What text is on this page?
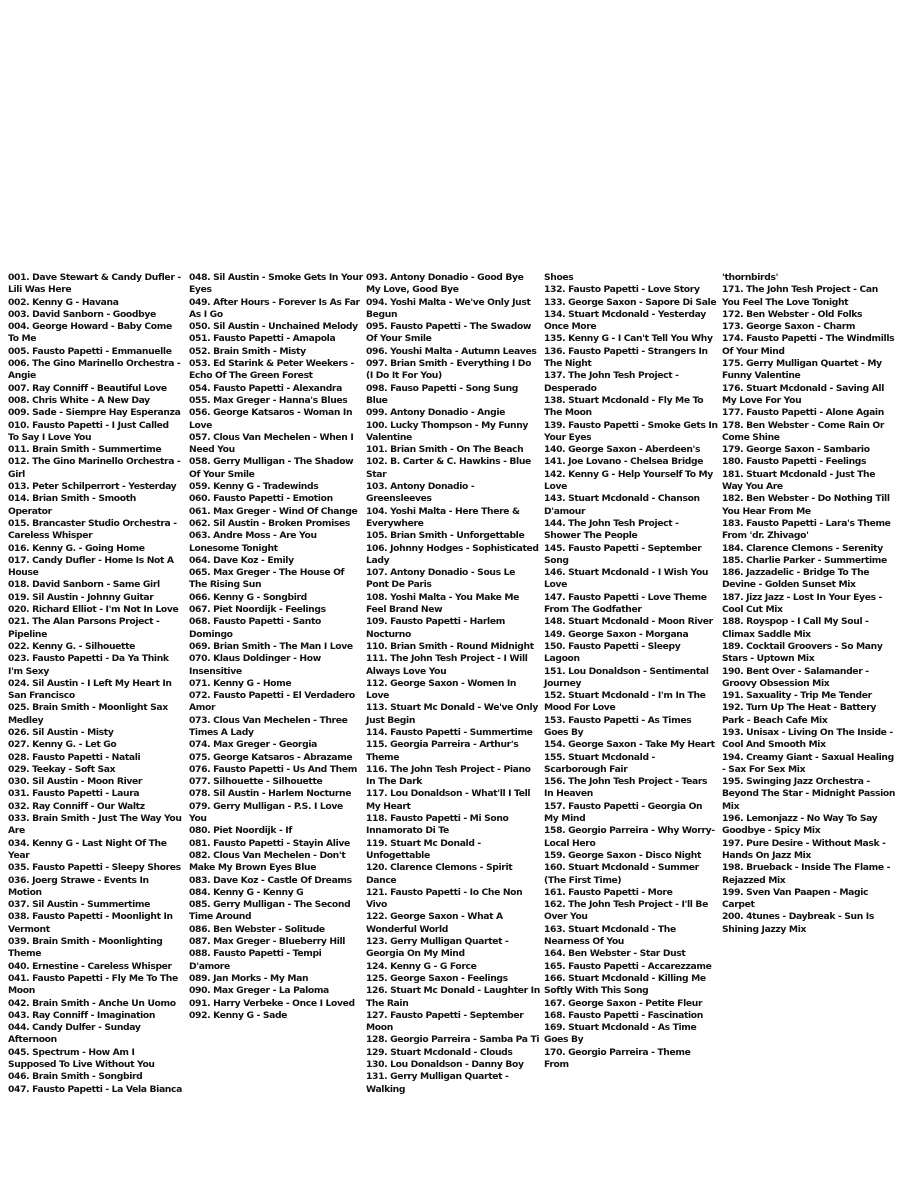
001. Dave Stewart & Candy Dufler - Lili Was Here
002. Kenny G - Havana
003. David Sanborn - Goodbye
004. George Howard - Baby Come To Me
005. Fausto Papetti - Emmanuelle
006. The Gino Marinello Orchestra - Angie
007. Ray Conniff - Beautiful Love
008. Chris White - A New Day
009. Sade - Siempre Hay Esperanza
010. Fausto Papetti - I Just Called To Say I Love You
011. Brain Smith - Summertime
012. The Gino Marinello Orchestra - Girl
013. Peter Schilperrort - Yesterday
014. Brian Smith - Smooth Operator
015. Brancaster Studio Orchestra - Careless Whisper
016. Kenny G. - Going Home
017. Candy Dufler - Home Is Not A House
018. David Sanborn - Same Girl
019. Sil Austin - Johnny Guitar
020. Richard Elliot - I'm Not In Love
021. The Alan Parsons Project - Pipeline
022. Kenny G. - Silhouette
023. Fausto Papetti - Da Ya Think I'm Sexy
024. Sil Austin - I Left My Heart In San Francisco
025. Brain Smith - Moonlight Sax Medley
026. Sil Austin - Misty
027. Kenny G. - Let Go
028. Fausto Papetti - Natali
029. Teekay - Soft Sax
030. Sil Austin - Moon River
031. Fausto Papetti - Laura
032. Ray Conniff - Our Waltz
033. Brain Smith - Just The Way You Are
034. Kenny G - Last Night Of The Year
035. Fausto Papetti - Sleepy Shores
036. Joerg Strawe - Events In Motion
037. Sil Austin - Summertime
038. Fausto Papetti - Moonlight In Vermont
039. Brain Smith - Moonlighting Theme
040. Ernestine - Careless Whisper
041. Fausto Papetti - Fly Me To The Moon
042. Brain Smith - Anche Un Uomo
043. Ray Conniff - Imagination
044. Candy Dulfer - Sunday Afternoon
045. Spectrum - How Am I Supposed To Live Without You
046. Brain Smith - Songbird
047. Fausto Papetti - La Vela Bianca
048. Sil Austin - Smoke Gets In Your Eyes
049. After Hours - Forever Is As Far As I Go
050. Sil Austin - Unchained Melody
051. Fausto Papetti - Amapola
052. Brain Smith - Misty
053. Ed Starink & Peter Weekers - Echo Of The Green Forest
054. Fausto Papetti - Alexandra
055. Max Greger - Hanna's Blues
056. George Katsaros - Woman In Love
057. Clous Van Mechelen - When I Need You
058. Gerry Mulligan - The Shadow Of Your Smile
059. Kenny G - Tradewinds
060. Fausto Papetti - Emotion
061. Max Greger - Wind Of Change
062. Sil Austin - Broken Promises
063. Andre Moss - Are You Lonesome Tonight
064. Dave Koz - Emily
065. Max Greger - The House Of The Rising Sun
066. Kenny G - Songbird
067. Piet Noordijk - Feelings
068. Fausto Papetti - Santo Domingo
069. Brian Smith - The Man I Love
070. Klaus Doldinger - How Insensitive
071. Kenny G - Home
072. Fausto Papetti - El Verdadero Amor
073. Clous Van Mechelen - Three Times A Lady
074. Max Greger - Georgia
075. George Katsaros - Abrazame
076. Fausto Papetti - Us And Them
077. Silhouette - Silhouette
078. Sil Austin - Harlem Nocturne
079. Gerry Mulligan - P.S. I Love You
080. Piet Noordijk - If
081. Fausto Papetti - Stayin Alive
082. Clous Van Mechelen - Don't Make My Brown Eyes Blue
083. Dave Koz - Castle Of Dreams
084. Kenny G - Kenny G
085. Gerry Mulligan - The Second Time Around
086. Ben Webster - Solitude
087. Max Greger - Blueberry Hill
088. Fausto Papetti - Tempi D'amore
089. Jan Morks - My Man
090. Max Greger - La Paloma
091. Harry Verbeke - Once I Loved
092. Kenny G - Sade
093. Antony Donadio - Good Bye My Love, Good Bye
094. Yoshi Malta - We've Only Just Begun
095. Fausto Papetti - The Swadow Of Your Smile
096. Youshi Malta - Autumn Leaves
097. Brian Smith - Everything I Do (I Do It For You)
098. Fauso Papetti - Song Sung Blue
099. Antony Donadio - Angie
100. Lucky Thompson - My Funny Valentine
101. Brian Smith - On The Beach
102. B. Carter & C. Hawkins - Blue Star
103. Antony Donadio - Greensleeves
104. Yoshi Malta - Here There & Everywhere
105. Brian Smith - Unforgettable
106. Johnny Hodges - Sophisticated Lady
107. Antony Donadio - Sous Le Pont De Paris
108. Yoshi Malta - You Make Me Feel Brand New
109. Fausto Papetti - Harlem Nocturno
110. Brian Smith - Round Midnight
111. The John Tesh Project - I Will Always Love You
112. George Saxon - Women In Love
113. Stuart Mc Donald - We've Only Just Begin
114. Fausto Papetti - Summertime
115. Georgia Parreira - Arthur's Theme
116. The John Tesh Project - Piano In The Dark
117. Lou Donaldson - What'll I Tell My Heart
118. Fausto Papetti - Mi Sono Innamorato Di Te
119. Stuart Mc Donald - Unfogettable
120. Clarence Clemons - Spirit Dance
121. Fausto Papetti - Io Che Non Vivo
122. George Saxon - What A Wonderful World
123. Gerry Mulligan Quartet - Georgia On My Mind
124. Kenny G - G Force
125. George Saxon - Feelings
126. Stuart Mc Donald - Laughter In The Rain
127. Fausto Papetti - September Moon
128. Georgio Parreira - Samba Pa Ti
129. Stuart Mcdonald - Clouds
130. Lou Donaldson - Danny Boy
131. Gerry Mulligan Quartet - Walking
Shoes
132. Fausto Papetti - Love Story
133. George Saxon - Sapore Di Sale
134. Stuart Mcdonald - Yesterday Once More
135. Kenny G - I Can't Tell You Why
136. Fausto Papetti - Strangers In The Night
137. The John Tesh Project - Desperado
138. Stuart Mcdonald - Fly Me To The Moon
139. Fausto Papetti - Smoke Gets In Your Eyes
140. George Saxon - Aberdeen's
141. Joe Lovano - Chelsea Bridge
142. Kenny G - Help Yourself To My Love
143. Stuart Mcdonald - Chanson D'amour
144. The John Tesh Project - Shower The People
145. Fausto Papetti - September Song
146. Stuart Mcdonald - I Wish You Love
147. Fausto Papetti - Love Theme From The Godfather
148. Stuart Mcdonald - Moon River
149. George Saxon - Morgana
150. Fausto Papetti - Sleepy Lagoon
151. Lou Donaldson - Sentimental Journey
152. Stuart Mcdonald - I'm In The Mood For Love
153. Fausto Papetti - As Times Goes By
154. George Saxon - Take My Heart
155. Stuart Mcdonald - Scarborough Fair
156. The John Tesh Project - Tears In Heaven
157. Fausto Papetti - Georgia On My Mind
158. Georgio Parreira - Why Worry-Local Hero
159. George Saxon - Disco Night
160. Stuart Mcdonald - Summer (The First Time)
161. Fausto Papetti - More
162. The John Tesh Project - I'll Be Over You
163. Stuart Mcdonald - The Nearness Of You
164. Ben Webster - Star Dust
165. Fausto Papetti - Accarezzame
166. Stuart Mcdonald - Killing Me Softly With This Song
167. George Saxon - Petite Fleur
168. Fausto Papetti - Fascination
169. Stuart Mcdonald - As Time Goes By
170. Georgio Parreira - Theme From
'thornbirds'
171. The John Tesh Project - Can You Feel The Love Tonight
172. Ben Webster - Old Folks
173. George Saxon - Charm
174. Fausto Papetti - The Windmills Of Your Mind
175. Gerry Mulligan Quartet - My Funny Valentine
176. Stuart Mcdonald - Saving All My Love For You
177. Fausto Papetti - Alone Again
178. Ben Webster - Come Rain Or Come Shine
179. George Saxon - Sambario
180. Fausto Papetti - Feelings
181. Stuart Mcdonald - Just The Way You Are
182. Ben Webster - Do Nothing Till You Hear From Me
183. Fausto Papetti - Lara's Theme From 'dr. Zhivago'
184. Clarence Clemons - Serenity
185. Charlie Parker - Summertime
186. Jazzadelic - Bridge To The Devine - Golden Sunset Mix
187. Jizz Jazz - Lost In Your Eyes - Cool Cut Mix
188. Royspop - I Call My Soul - Climax Saddle Mix
189. Cocktail Groovers - So Many Stars - Uptown Mix
190. Bent Over - Salamander - Groovy Obsession Mix
191. Saxuality - Trip Me Tender
192. Turn Up The Heat - Battery Park - Beach Cafe Mix
193. Unisax - Living On The Inside - Cool And Smooth Mix
194. Creamy Giant - Saxual Healing - Sax For Sex Mix
195. Swinging Jazz Orchestra - Beyond The Star - Midnight Passion Mix
196. Lemonjazz - No Way To Say Goodbye - Spicy Mix
197. Pure Desire - Without Mask - Hands On Jazz Mix
198. Brueback - Inside The Flame - Rejazzed Mix
199. Sven Van Paapen - Magic Carpet
200. 4tunes - Daybreak - Sun Is Shining Jazzy Mix
